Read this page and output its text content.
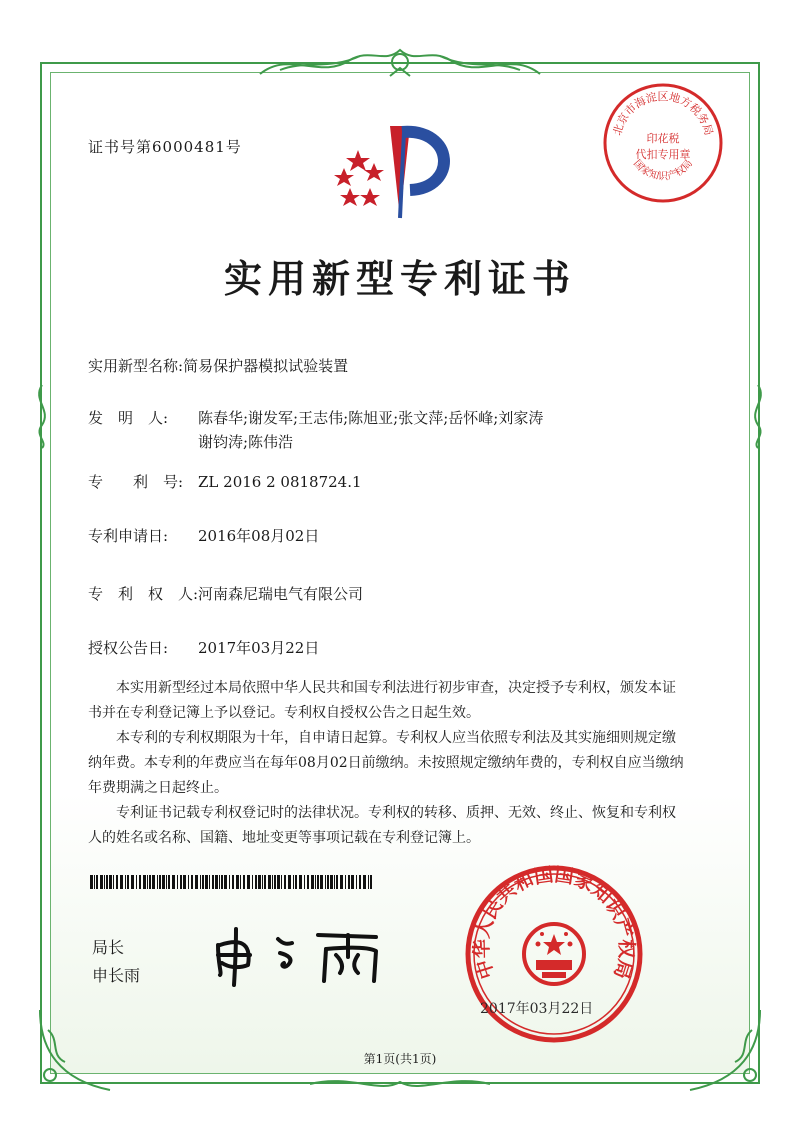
证书号第6000481号
北京市海淀区地方税务局
印花税
代扣专用章
国家知识产权局
实用新型专利证书
实用新型名称:简易保护器模拟试验装置
发　明　人: 陈春华;谢发军;王志伟;陈旭亚;张文萍;岳怀峰;刘家涛
谢钧涛;陈伟浩
专　　利　号: ZL 2016 2 0818724.1
专利申请日: 2016年08月02日
专　利　权　人:河南森尼瑞电气有限公司
授权公告日: 2017年03月22日

本实用新型经过本局依照中华人民共和国专利法进行初步审查，决定授予专利权，颁发本证书并在专利登记簿上予以登记。专利权自授权公告之日起生效。

本专利的专利权期限为十年，自申请日起算。专利权人应当依照专利法及其实施细则规定缴纳年费。本专利的年费应当在每年08月02日前缴纳。未按照规定缴纳年费的，专利权自应当缴纳年费期满之日起终止。

专利证书记载专利权登记时的法律状况。专利权的转移、质押、无效、终止、恢复和专利权人的姓名或名称、国籍、地址变更等事项记载在专利登记簿上。

局长
申长雨	中华人民共和国国家知识产权局
2017年03月22日
第1页(共1页)
